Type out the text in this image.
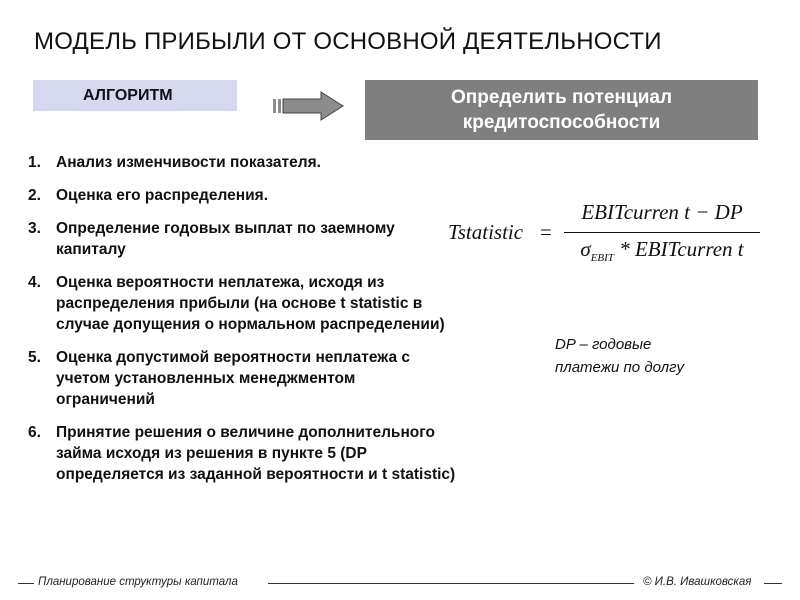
МОДЕЛЬ ПРИБЫЛИ ОТ ОСНОВНОЙ ДЕЯТЕЛЬНОСТИ
АЛГОРИТМ	Определить потенциал
кредитоспособности
1. Анализ изменчивости показателя.
2. Оценка его распределения.
3. Определение годовых выплат по заемному капиталу
4. Оценка вероятности неплатежа, исходя из распределения прибыли (на основе t statistic в случае допущения о нормальном распределении)
5. Оценка допустимой вероятности неплатежа с учетом установленных менеджментом ограничений
6. Принятие решения о величине дополнительного займа исходя из решения в пункте 5 (DP определяется из заданной вероятности и t statistic)
Tstatistic =
EBITcurren t − DP
$\sigma_{EBIT}$ * EBITcurren t
DP – годовые
платежи по долгу
Планирование структуры капитала	© И.В. Ивашковская
